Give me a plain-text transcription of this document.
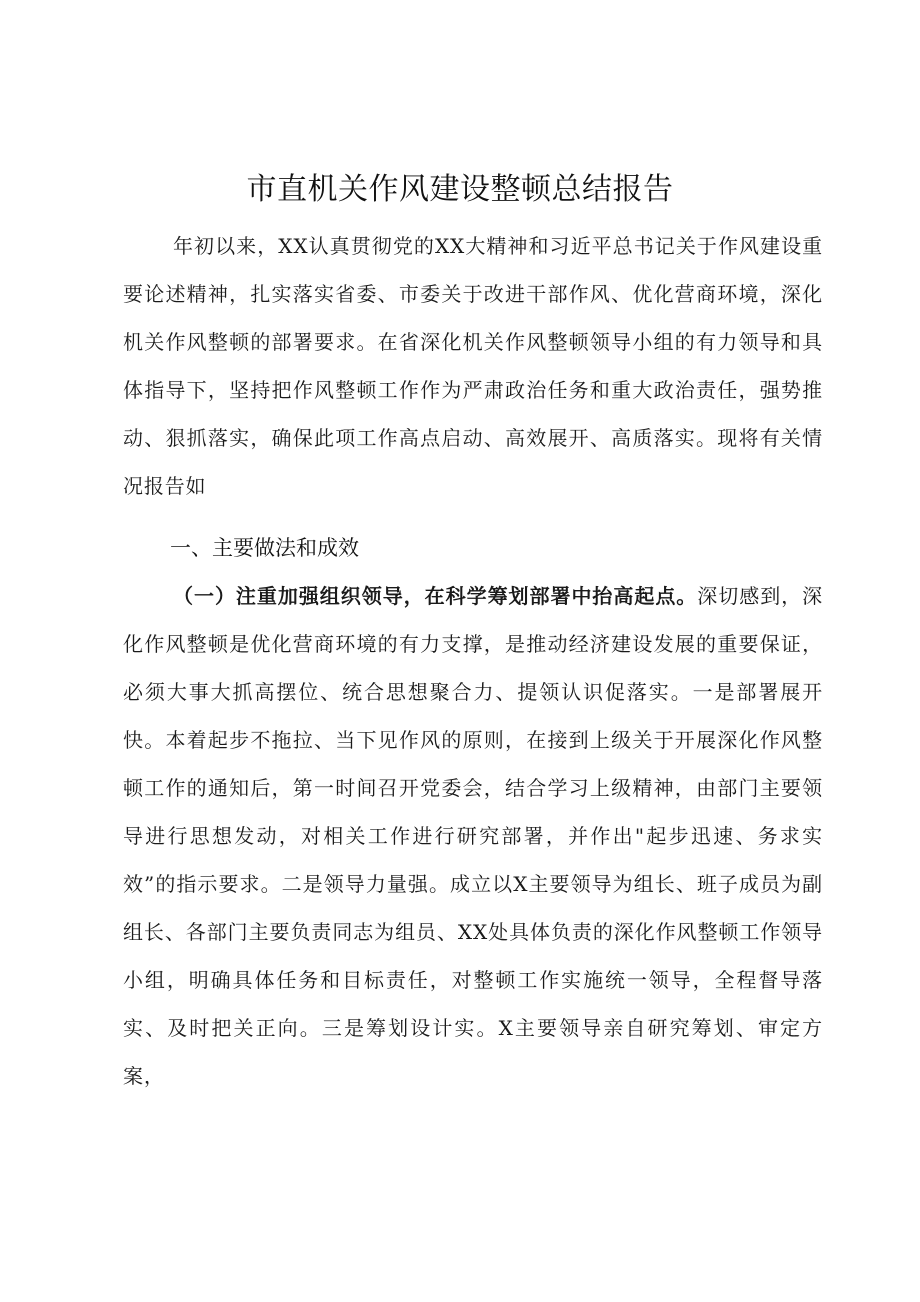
市直机关作风建设整顿总结报告

年初以来，XX认真贯彻党的XX大精神和习近平总书记关于作风建设重要论述精神，扎实落实省委、市委关于改进干部作风、优化营商环境，深化机关作风整顿的部署要求。在省深化机关作风整顿领导小组的有力领导和具体指导下，坚持把作风整顿工作作为严肃政治任务和重大政治责任，强势推动、狠抓落实，确保此项工作高点启动、高效展开、高质落实。现将有关情况报告如

一、主要做法和成效

（一）注重加强组织领导，在科学筹划部署中抬高起点。深切感到，深化作风整顿是优化营商环境的有力支撑，是推动经济建设发展的重要保证，必须大事大抓高摆位、统合思想聚合力、提领认识促落实。一是部署展开快。本着起步不拖拉、当下见作风的原则，在接到上级关于开展深化作风整顿工作的通知后，第一时间召开党委会，结合学习上级精神，由部门主要领导进行思想发动，对相关工作进行研究部署，并作出"起步迅速、务求实效”的指示要求。二是领导力量强。成立以X主要领导为组长、班子成员为副组长、各部门主要负责同志为组员、XX处具体负责的深化作风整顿工作领导小组，明确具体任务和目标责任，对整顿工作实施统一领导，全程督导落实、及时把关正向。三是筹划设计实。X主要领导亲自研究筹划、审定方案，
